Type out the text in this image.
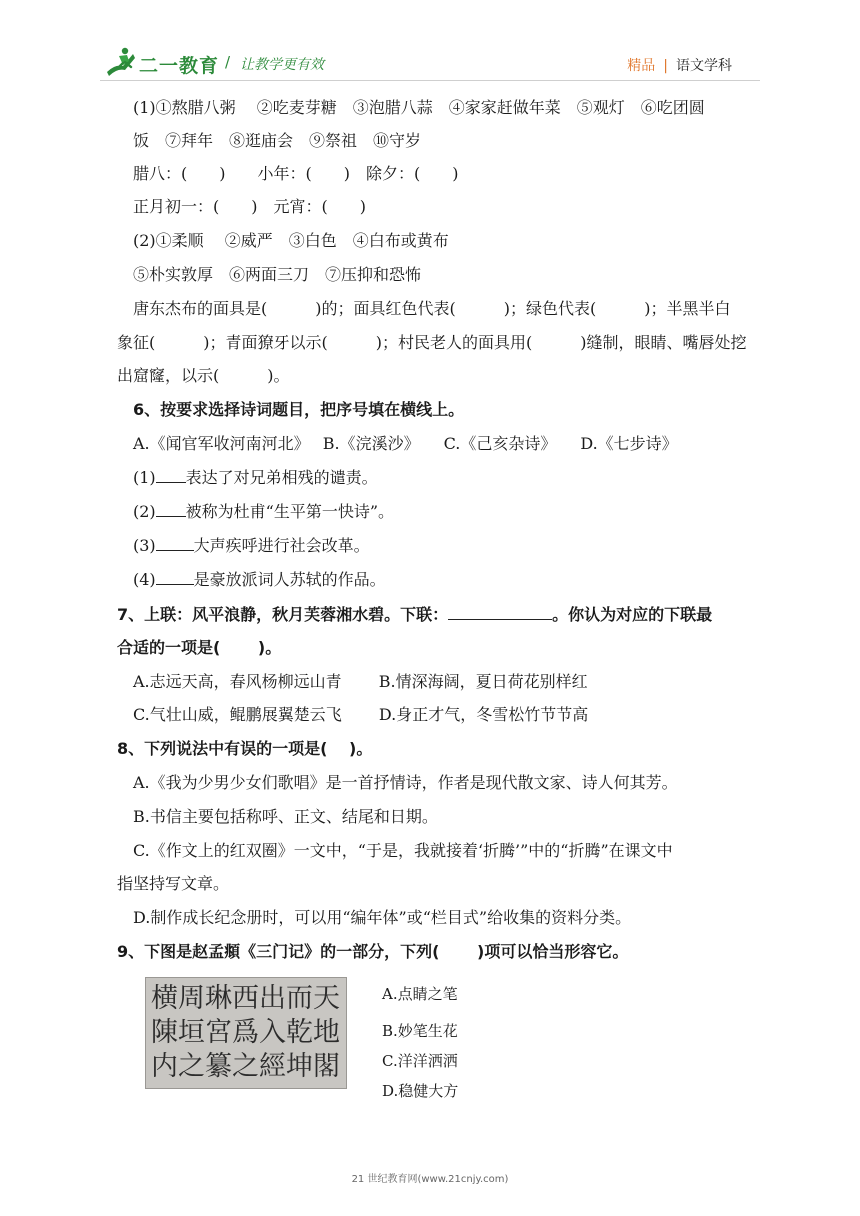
二一教育 / 让教学更有效	精品 | 语文学科
(1)①熬腊八粥　 ②吃麦芽糖　③泡腊八蒜　④家家赶做年菜　⑤观灯　⑥吃团圆
饭　⑦拜年　⑧逛庙会　⑨祭祖　⑩守岁
腊八：(　　)　　小年：(　　)　除夕：(　　)
正月初一：(　　)　元宵：(　　)
(2)①柔顺　 ②威严　③白色　④白布或黄布
⑤朴实敦厚　⑥两面三刀　⑦压抑和恐怖
唐东杰布的面具是(　　　)的；面具红色代表(　　　)；绿色代表(　　　)；半黑半白
象征(　　　)；青面獠牙以示(　　　)；村民老人的面具用(　　　)缝制，眼睛、嘴唇处挖
出窟窿，以示(　　　)。
6、按要求选择诗词题目，把序号填在横线上。
A.《闻官军收河南河北》　 B.《浣溪沙》　　C.《己亥杂诗》　　D.《七步诗》
(1) 表达了对兄弟相残的谴责。
(2) 被称为杜甫“生平第一快诗”。
(3) 大声疾呼进行社会改革。
(4) 是豪放派词人苏轼的作品。
7、上联：风平浪静，秋月芙蓉湘水碧。下联：	。你认为对应的下联最
合适的一项是(　　 )。
A.志远天高，春风杨柳远山青　　 B.情深海阔，夏日荷花别样红
C.气壮山威，鲲鹏展翼楚云飞　　 D.身正才气，冬雪松竹节节高
8、下列说法中有误的一项是(　 )。
A.《我为少男少女们歌唱》是一首抒情诗，作者是现代散文家、诗人何其芳。
B.书信主要包括称呼、正文、结尾和日期。
C.《作文上的红双圈》一文中，“于是，我就接着‘折腾’”中的“折腾”在课文中
指坚持写文章。
D.制作成长纪念册时，可以用“编年体”或“栏目式”给收集的资料分类。
9、下图是赵孟頫《三门记》的一部分，下列(　 　)项可以恰当形容它。
天
地
閣
而
乾
坤
出
入
經
西
爲
之
琳
宮
纂
周
垣
之
横
陳
内
A.点睛之笔
B.妙笔生花
C.洋洋洒洒
D.稳健大方
21 世纪教育网(www.21cnjy.com)
